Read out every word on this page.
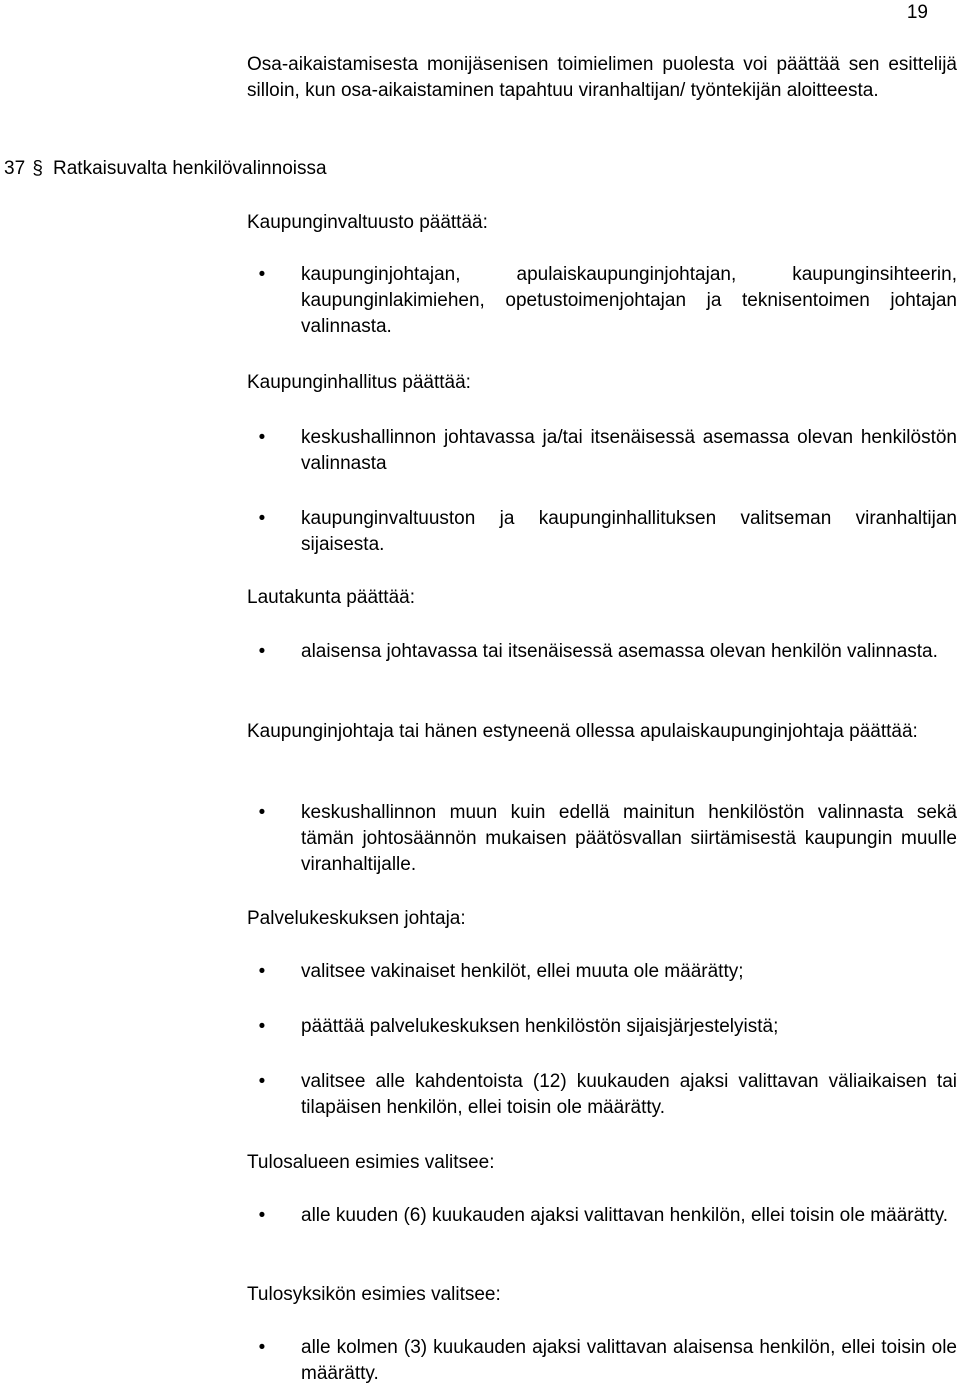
19
Osa-aikaistamisesta monijäsenisen toimielimen puolesta voi päättää sen esittelijä silloin, kun osa-aikaistaminen tapahtuu viranhaltijan/ työntekijän aloitteesta.
37 § Ratkaisuvalta henkilövalinnoissa
Kaupunginvaltuusto päättää:
•	kaupunginjohtajan, apulaiskaupunginjohtajan, kaupunginsihteerin, kaupunginlakimiehen, opetustoimenjohtajan ja teknisentoimen johtajan valinnasta.
Kaupunginhallitus päättää:
•	keskushallinnon johtavassa ja/tai itsenäisessä asemassa olevan henkilöstön valinnasta
•	kaupunginvaltuuston ja kaupunginhallituksen valitseman viranhaltijan sijaisesta.
Lautakunta päättää:
•	alaisensa johtavassa tai itsenäisessä asemassa olevan henkilön valinnasta.
Kaupunginjohtaja tai hänen estyneenä ollessa apulaiskaupunginjohtaja päättää:
•	keskushallinnon muun kuin edellä mainitun henkilöstön valinnasta sekä tämän johtosäännön mukaisen päätösvallan siirtämisestä kaupungin muulle viranhaltijalle.
Palvelukeskuksen johtaja:
•	valitsee vakinaiset henkilöt, ellei muuta ole määrätty;
•	päättää palvelukeskuksen henkilöstön sijaisjärjestelyistä;
•	valitsee alle kahdentoista (12) kuukauden ajaksi valittavan väliaikaisen tai tilapäisen henkilön, ellei toisin ole määrätty.
Tulosalueen esimies valitsee:
•	alle kuuden (6) kuukauden ajaksi valittavan henkilön, ellei toisin ole määrätty.
Tulosyksikön esimies valitsee:
•	alle kolmen (3) kuukauden ajaksi valittavan alaisensa henkilön, ellei toisin ole määrätty.
